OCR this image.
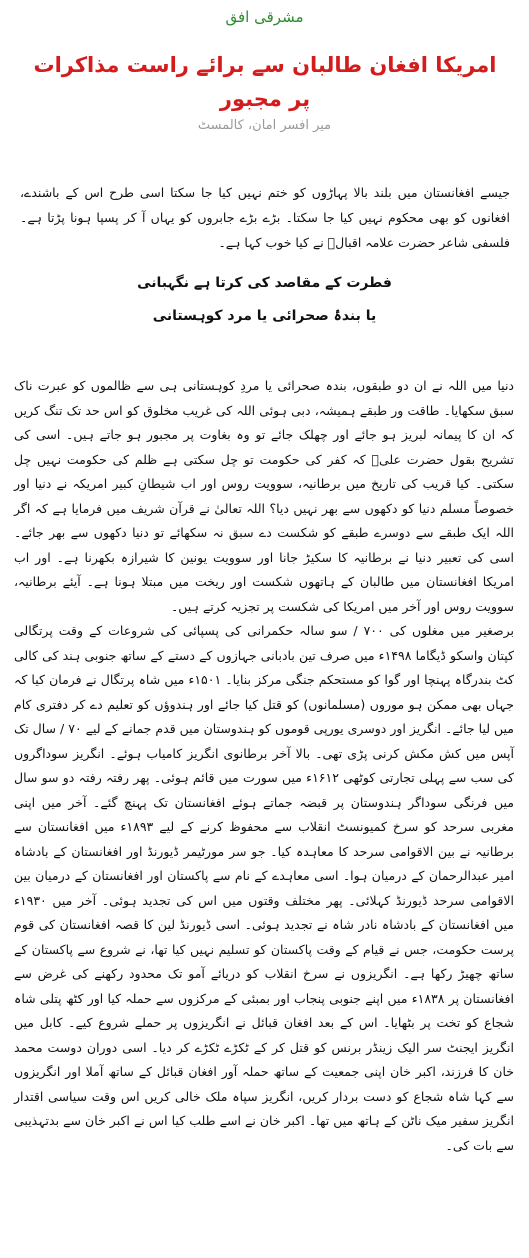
مشرقی افق
امریکا افغان طالبان سے برائے راست مذاکرات پر مجبور
میر افسر امان، کالمسٹ

جیسے افغانستان میں بلند بالا پہاڑوں کو ختم نہیں کیا جا سکتا اسی طرح اس کے باشندے، افغانوں کو بھی محکوم نہیں کیا جا سکتا۔ بڑے بڑے جابروں کو یہاں آ کر پسپا ہونا پڑتا ہے۔ فلسفی شاعر حضرت علامہ اقبالؒ نے کیا خوب کہا ہے۔

فطرت کے مقاصد کی کرتا ہے نگہبانی

یا بندۂ صحرائی یا مرد کوہستانی

دنیا میں اللہ نے ان دو طبقوں، بندہ صحرائی یا مردِ کوہستانی ہی سے ظالموں کو عبرت ناک سبق سکھایا۔ طاقت ور طبقے ہمیشہ، دبی ہوئی اللہ کی غریب مخلوق کو اس حد تک تنگ کریں کہ ان کا پیمانہ لبریز ہو جائے اور چھلک جائے تو وہ بغاوت پر مجبور ہو جاتے ہیں۔ اسی کی تشریح بقول حضرت علیؓ کہ کفر کی حکومت تو چل سکتی ہے ظلم کی حکومت نہیں چل سکتی۔ کیا قریب کی تاریخ میں برطانیہ، سوویت روس اور اب شیطانِ کبیر امریکہ نے دنیا اور خصوصاً مسلم دنیا کو دکھوں سے بھر نہیں دیا؟ اللہ تعالیٰ نے قرآن شریف میں فرمایا ہے کہ اگر اللہ ایک طبقے سے دوسرے طبقے کو شکست دے سبق نہ سکھائے تو دنیا دکھوں سے بھر جائے۔ اسی کی تعبیر دنیا نے برطانیہ کا سکیڑ جانا اور سوویت یونین کا شیرازہ بکھرنا ہے۔ اور اب امریکا افغانستان میں طالبان کے ہاتھوں شکست اور ریخت میں مبتلا ہونا ہے۔ آیئے برطانیہ، سوویت روس اور آخر میں امریکا کی شکست پر تجزیہ کرتے ہیں۔

برصغیر میں مغلوں کی ۷۰۰ / سو سالہ حکمرانی کی پسپائی کی شروعات کے وقت پرتگالی کپتان واسکو ڈیگاما ۱۴۹۸ء میں صرف تین بادبانی جہازوں کے دستے کے ساتھ جنوبی ہند کی کالی کٹ بندرگاہ پہنچا اور گوا کو مستحکم جنگی مرکز بنایا۔ ۱۵۰۱ء میں شاہ پرتگال نے فرمان کیا کہ جہاں بھی ممکن ہو موروں (مسلمانوں) کو قتل کیا جائے اور ہندوؤں کو تعلیم دے کر دفتری کام میں لیا جائے۔ انگریز اور دوسری یورپی قوموں کو ہندوستان میں قدم جمانے کے لیے ۷۰ / سال تک آپس میں کش مکش کرنی پڑی تھی۔ بالا آخر برطانوی انگریز کامیاب ہوئے۔ انگریز سوداگروں کی سب سے پہلی تجارتی کوٹھی ۱۶۱۲ء میں سورت میں قائم ہوئی۔ پھر رفتہ رفتہ دو سو سال میں فرنگی سوداگر ہندوستان پر قبضہ جماتے ہوئے افغانستان تک پہنچ گئے۔ آخر میں اپنی مغربی سرحد کو سرخ کمیونسٹ انقلاب سے محفوظ کرنے کے لیے ۱۸۹۳ء میں افغانستان سے برطانیہ نے بین الاقوامی سرحد کا معاہدہ کیا۔ جو سر مورٹیمر ڈیورنڈ اور افغانستان کے بادشاہ امیر عبدالرحمان کے درمیان ہوا۔ اسی معاہدے کے نام سے پاکستان اور افغانستان کے درمیان بین الاقوامی سرحد ڈیورنڈ کہلائی۔ پھر مختلف وقتوں میں اس کی تجدید ہوئی۔ آخر میں ۱۹۳۰ء میں افغانستان کے بادشاہ نادر شاہ نے تجدید ہوئی۔ اسی ڈیورنڈ لین کا قصہ افغانستان کی قوم پرست حکومت، جس نے قیام کے وقت پاکستان کو تسلیم نہیں کیا تھا، نے شروع سے پاکستان کے ساتھ چھیڑ رکھا ہے۔ انگریزوں نے سرخ انقلاب کو دریائے آمو تک محدود رکھنے کی غرض سے افغانستان پر ۱۸۳۸ء میں اپنے جنوبی پنجاب اور بمبئی کے مرکزوں سے حملہ کیا اور کٹھ پتلی شاہ شجاع کو تخت پر بٹھایا۔ اس کے بعد افغان قبائل نے انگریزوں پر حملے شروع کیے۔ کابل میں انگریز ایجنٹ سر الیک زینڈر برنس کو قتل کر کے ٹکڑے ٹکڑے کر دیا۔ اسی دوران دوست محمد خان کا فرزند، اکبر خان اپنی جمعیت کے ساتھ حملہ آور افغان قبائل کے ساتھ آملا اور انگریزوں سے کہا شاہ شجاع کو دست بردار کریں، انگریز سپاہ ملک خالی کریں اس وقت سیاسی اقتدار انگریز سفیر میک ناٹن کے ہاتھ میں تھا۔ اکبر خان نے اسے طلب کیا اس نے اکبر خان سے بدتہذیبی سے بات کی۔
